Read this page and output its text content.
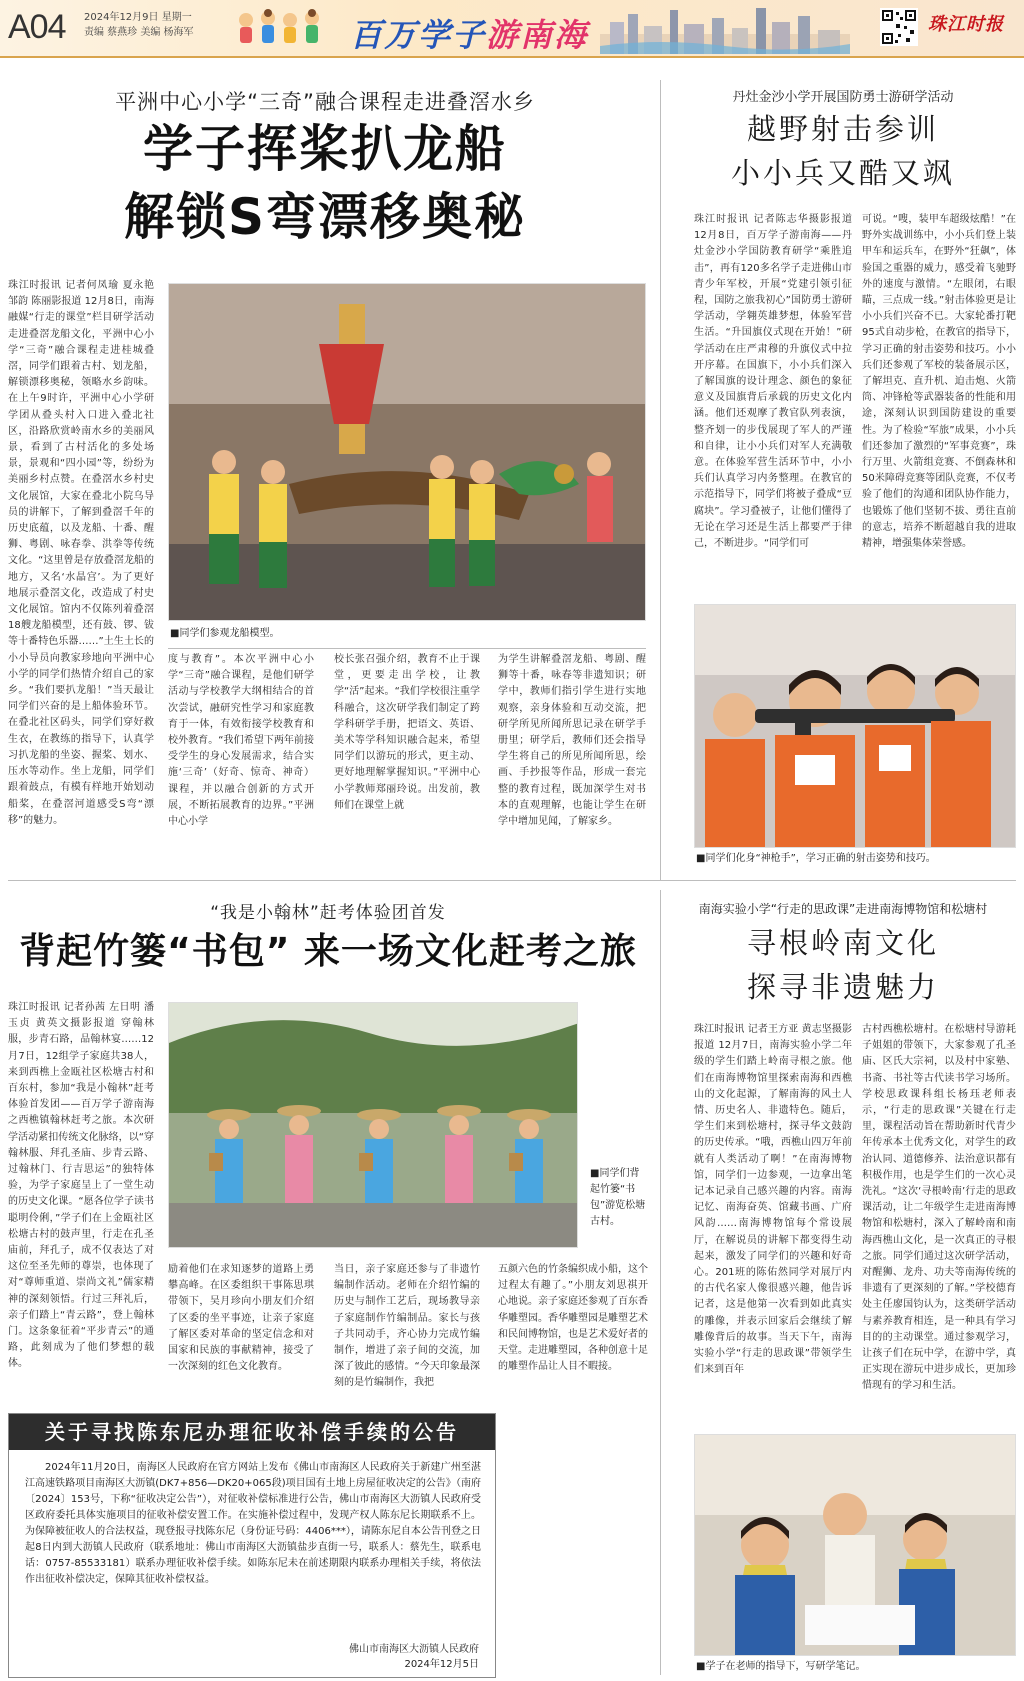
A04 2024年12月9日 星期一
责编 蔡燕珍 美编 杨海军	百万学子游南海	珠江时报
平洲中心小学“三奇”融合课程走进叠滘水乡
学子挥桨扒龙船
解锁S弯漂移奥秘
珠江时报讯 记者何凤瑜 夏永艳 邹韵 陈丽影报道 12月8日，南海融媒“行走的课堂”栏目研学活动走进叠滘龙船文化，平洲中心小学“三奇”融合课程走进桂城叠滘，同学们跟着古村、划龙船，解锁漂移奥秘，领略水乡韵味。在上午9时许，平洲中心小学研学团从叠头村入口进入叠北社区，沿路欣赏岭南水乡的美丽风景，看到了古村活化的多处场景，景观和“四小园”等，纷纷为美丽乡村点赞。在叠滘水乡村史文化展馆，大家在叠北小院乌导员的讲解下，了解到叠滘千年的历史底蕴，以及龙船、十番、醒狮、粤剧、咏春拳、洪拳等传统文化。“这里曾是存放叠滘龙船的地方，又名‘水晶宫’。为了更好地展示叠滘文化，改造成了村史文化展馆。馆内不仅陈列着叠滘18艘龙船模型，还有鼓、锣、钹等十番特色乐器……”土生土长的小小导员向教家珍地向平洲中心小学的同学们热情介绍自己的家乡。“我们要扒龙船！”当天最让同学们兴奋的是上船体验环节。在叠北社区码头，同学们穿好救生衣，在教练的指导下，认真学习扒龙船的坐姿、握桨、划水、压水等动作。坐上龙船，同学们跟着鼓点，有模有样地开始划动船桨，在叠滘河道感受S弯“漂移”的魅力。
■同学们参观龙船模型。
度与教育”。本次平洲中心小学“三奇”融合课程，是他们研学活动与学校教学大纲相结合的首次尝试，融研究性学习和家庭教育于一体，有效衔接学校教育和校外教育。“我们希望下两年前接受学生的身心发展需求，结合实施‘三奇’（好奇、惊奇、神奇）课程，并以融合创新的方式开展，不断拓展教育的边界。”平洲中心小学
校长张召强介绍，教育不止于课堂，更要走出学校，让教学“活”起来。“我们学校很注重学科融合，这次研学我们制定了跨学科研学手册，把语文、英语、美术等学科知识融合起来，希望同学们以游玩的形式，更主动、更好地理解掌握知识。”平洲中心小学教师郑丽玲说。出发前，教师们在课堂上就
为学生讲解叠滘龙船、粤剧、醒狮等十番，咏春等非遗知识；研学中，教师们指引学生进行实地观察，亲身体验和互动交流，把研学所见所闻所思记录在研学手册里；研学后，教师们还会指导学生将自己的所见所闻所思，绘画、手抄报等作品，形成一套完整的教育过程，既加深学生对书本的直观理解，也能让学生在研学中增加见闻，了解家乡。
丹灶金沙小学开展国防勇士游研学活动
越野射击参训
小小兵又酷又飒
珠江时报讯 记者陈志华摄影报道 12月8日，百万学子游南海——丹灶金沙小学国防教育研学“乘胜追击”，再有120多名学子走进佛山市青少年军校，开展“党建引领引征程，国防之旅我初心”国防勇士游研学活动，学翱英雄梦想，体验军营生活。“升国旗仪式现在开始！”研学活动在庄严肃穆的升旗仪式中拉开序幕。在国旗下，小小兵们深入了解国旗的设计理念、颜色的象征意义及国旗背后承载的历史文化内涵。他们还观摩了教官队列表演，整齐划一的步伐展现了军人的严谨和自律，让小小兵们对军人充满敬意。在体验军营生活环节中，小小兵们认真学习内务整理。在教官的示范指导下，同学们将被子叠成“豆腐块”。学习叠被子，让他们懂得了无论在学习还是生活上都要严于律己，不断进步。“同学们可
可说。“嗖，装甲车超级炫酷！”在野外实战训练中，小小兵们登上装甲车和运兵车，在野外“狂飙”，体验国之重器的威力，感受着飞驰野外的速度与激情。“左眼闭，右眼瞄，三点成一线。”射击体验更是让小小兵们兴奋不已。大家轮番打靶95式自动步枪，在教官的指导下，学习正确的射击姿势和技巧。小小兵们还参观了军校的装备展示区，了解坦克、直升机、迫击炮、火箭筒、冲锋枪等武器装备的性能和用途，深刻认识到国防建设的重要性。为了检验“军旅”成果，小小兵们还参加了激烈的“军事竞赛”，珠行万里、火箭组竞赛、不倒森林和50米障碍竞赛等团队竞赛，不仅考验了他们的沟通和团队协作能力，也锻炼了他们坚韧不拔、勇往直前的意志，培养不断超越自我的进取精神，增强集体荣誉感。
■同学们化身“神枪手”，学习正确的射击姿势和技巧。
“我是小翰林”赶考体验团首发
背起竹篓“书包” 来一场文化赶考之旅
珠江时报讯 记者孙茜 左日明 潘玉贞 黄英文摄影报道 穿翰林服，步青石路，品翰林宴……12月7日，12组学子家庭共38人，来到西樵上金瓯社区松塘古村和百东村，参加“我是小翰林”赶考体验首发团——百万学子游南海之西樵镇翰林赶考之旅。本次研学活动紧扣传统文化脉络，以“穿翰林服、拜孔圣庙、步青云路、过翰林门、行吉思运”的独特体验，为学子家庭呈上了一堂生动的历史文化课。“愿各位学子读书聪明伶俐，”学子们在上金瓯社区松塘古村的鼓声里，行走在孔圣庙前，拜孔子，成不仅表达了对这位至圣先师的尊崇，也体现了对“尊师重道、崇尚文礼”儒家精神的深刻领悟。行过三拜礼后，亲子们踏上“青云路”，登上翰林门。这条象征着“平步青云”的通路，此刻成为了他们梦想的载体。
■同学们背起竹篓“书包”游览松塘古村。
励着他们在求知逐梦的道路上勇攀高峰。在区委组织干事陈思琪带领下，吴月珍向小朋友们介绍了区委的坐平事迹，让亲子家庭了解区委对革命的坚定信念和对国家和民族的事献精神，接受了一次深刻的红色文化教育。
当日，亲子家庭还参与了非遗竹编制作活动。老师在介绍竹编的历史与制作工艺后，现场教导亲子家庭制作竹编制品。家长与孩子共同动手，齐心协力完成竹编制作，增进了亲子间的交流，加深了彼此的感情。“今天印象最深刻的是竹编制作，我把
五颜六色的竹条编织成小船，这个过程太有趣了。”小朋友刘思祺开心地说。亲子家庭还参观了百东香华雕塑园。香华雕塑园是雕塑艺术和民间博物馆，也是艺术爱好者的天堂。走进雕塑园，各种创意十足的雕塑作品让人目不暇接。
关于寻找陈东尼办理征收补偿手续的公告
2024年11月20日，南海区人民政府在官方网站上发布《佛山市南海区人民政府关于新建广州至湛江高速铁路项目南海区大沥镇(DK7+856—DK20+065段)项目国有土地上房屋征收决定的公告》（南府〔2024〕153号，下称“征收决定公告”），对征收补偿标准进行公告，佛山市南海区大沥镇人民政府受区政府委托具体实施项目的征收补偿安置工作。在实施补偿过程中，发现产权人陈东尼长期联系不上。为保障被征收人的合法权益，现登报寻找陈东尼（身份证号码：4406***），请陈东尼自本公告刊登之日起8日内到大沥镇人民政府（联系地址：佛山市南海区大沥镇盐步直街一号，联系人：蔡先生，联系电话：0757-85533181）联系办理征收补偿手续。如陈东尼未在前述期限内联系办理相关手续，将依法作出征收补偿决定，保障其征收补偿权益。
佛山市南海区大沥镇人民政府
2024年12月5日
南海实验小学“行走的思政课”走进南海博物馆和松塘村
寻根岭南文化
探寻非遗魅力
珠江时报讯 记者王方亚 黄志坚摄影报道 12月7日，南海实验小学二年级的学生们踏上岭南寻根之旅。他们在南海博物馆里探索南海和西樵山的文化起源，了解南海的风土人情、历史名人、非遗特色。随后，学生们来到松塘村，探寻华文鼓韵的历史传承。“哦，西樵山四万年前就有人类活动了啊！”在南海博物馆，同学们一边参观，一边拿出笔记本记录自己感兴趣的内容。南海记忆、南海奋英、馆藏书画、广府风韵……南海博物馆每个常设展厅，在解说员的讲解下都变得生动起来，激发了同学们的兴趣和好奇心。201班的陈佑然同学对展厅内的古代名家人像很感兴趣，他告诉记者，这是他第一次看到如此真实的雕像，并表示回家后会继续了解雕像背后的故事。当天下午，南海实验小学“行走的思政课”带领学生们来到百年
古村西樵松塘村。在松塘村导游耗子姐姐的带领下，大家参观了孔圣庙、区氏大宗祠，以及村中家塾、书斋、书社等古代读书学习场所。学校思政课科组长杨珏老师表示，“行走的思政课”关键在行走里，课程活动旨在帮助新时代青少年传承本土优秀文化，对学生的政治认同、道德修养、法治意识都有积极作用，也是学生们的一次心灵洗礼。“这次‘寻根岭南’行走的思政课活动，让二年级学生走进南海博物馆和松塘村，深入了解岭南和南海西樵山文化，是一次真正的寻根之旅。同学们通过这次研学活动，对醒狮、龙舟、功夫等南海传统的非遗有了更深刻的了解。”学校德育处主任廖国钧认为，这类研学活动与素养教育相连，是一种具有学习目的的主动课堂。通过参观学习，让孩子们在玩中学，在游中学，真正实现在游玩中进步成长，更加珍惜现有的学习和生活。
■学子在老师的指导下，写研学笔记。
